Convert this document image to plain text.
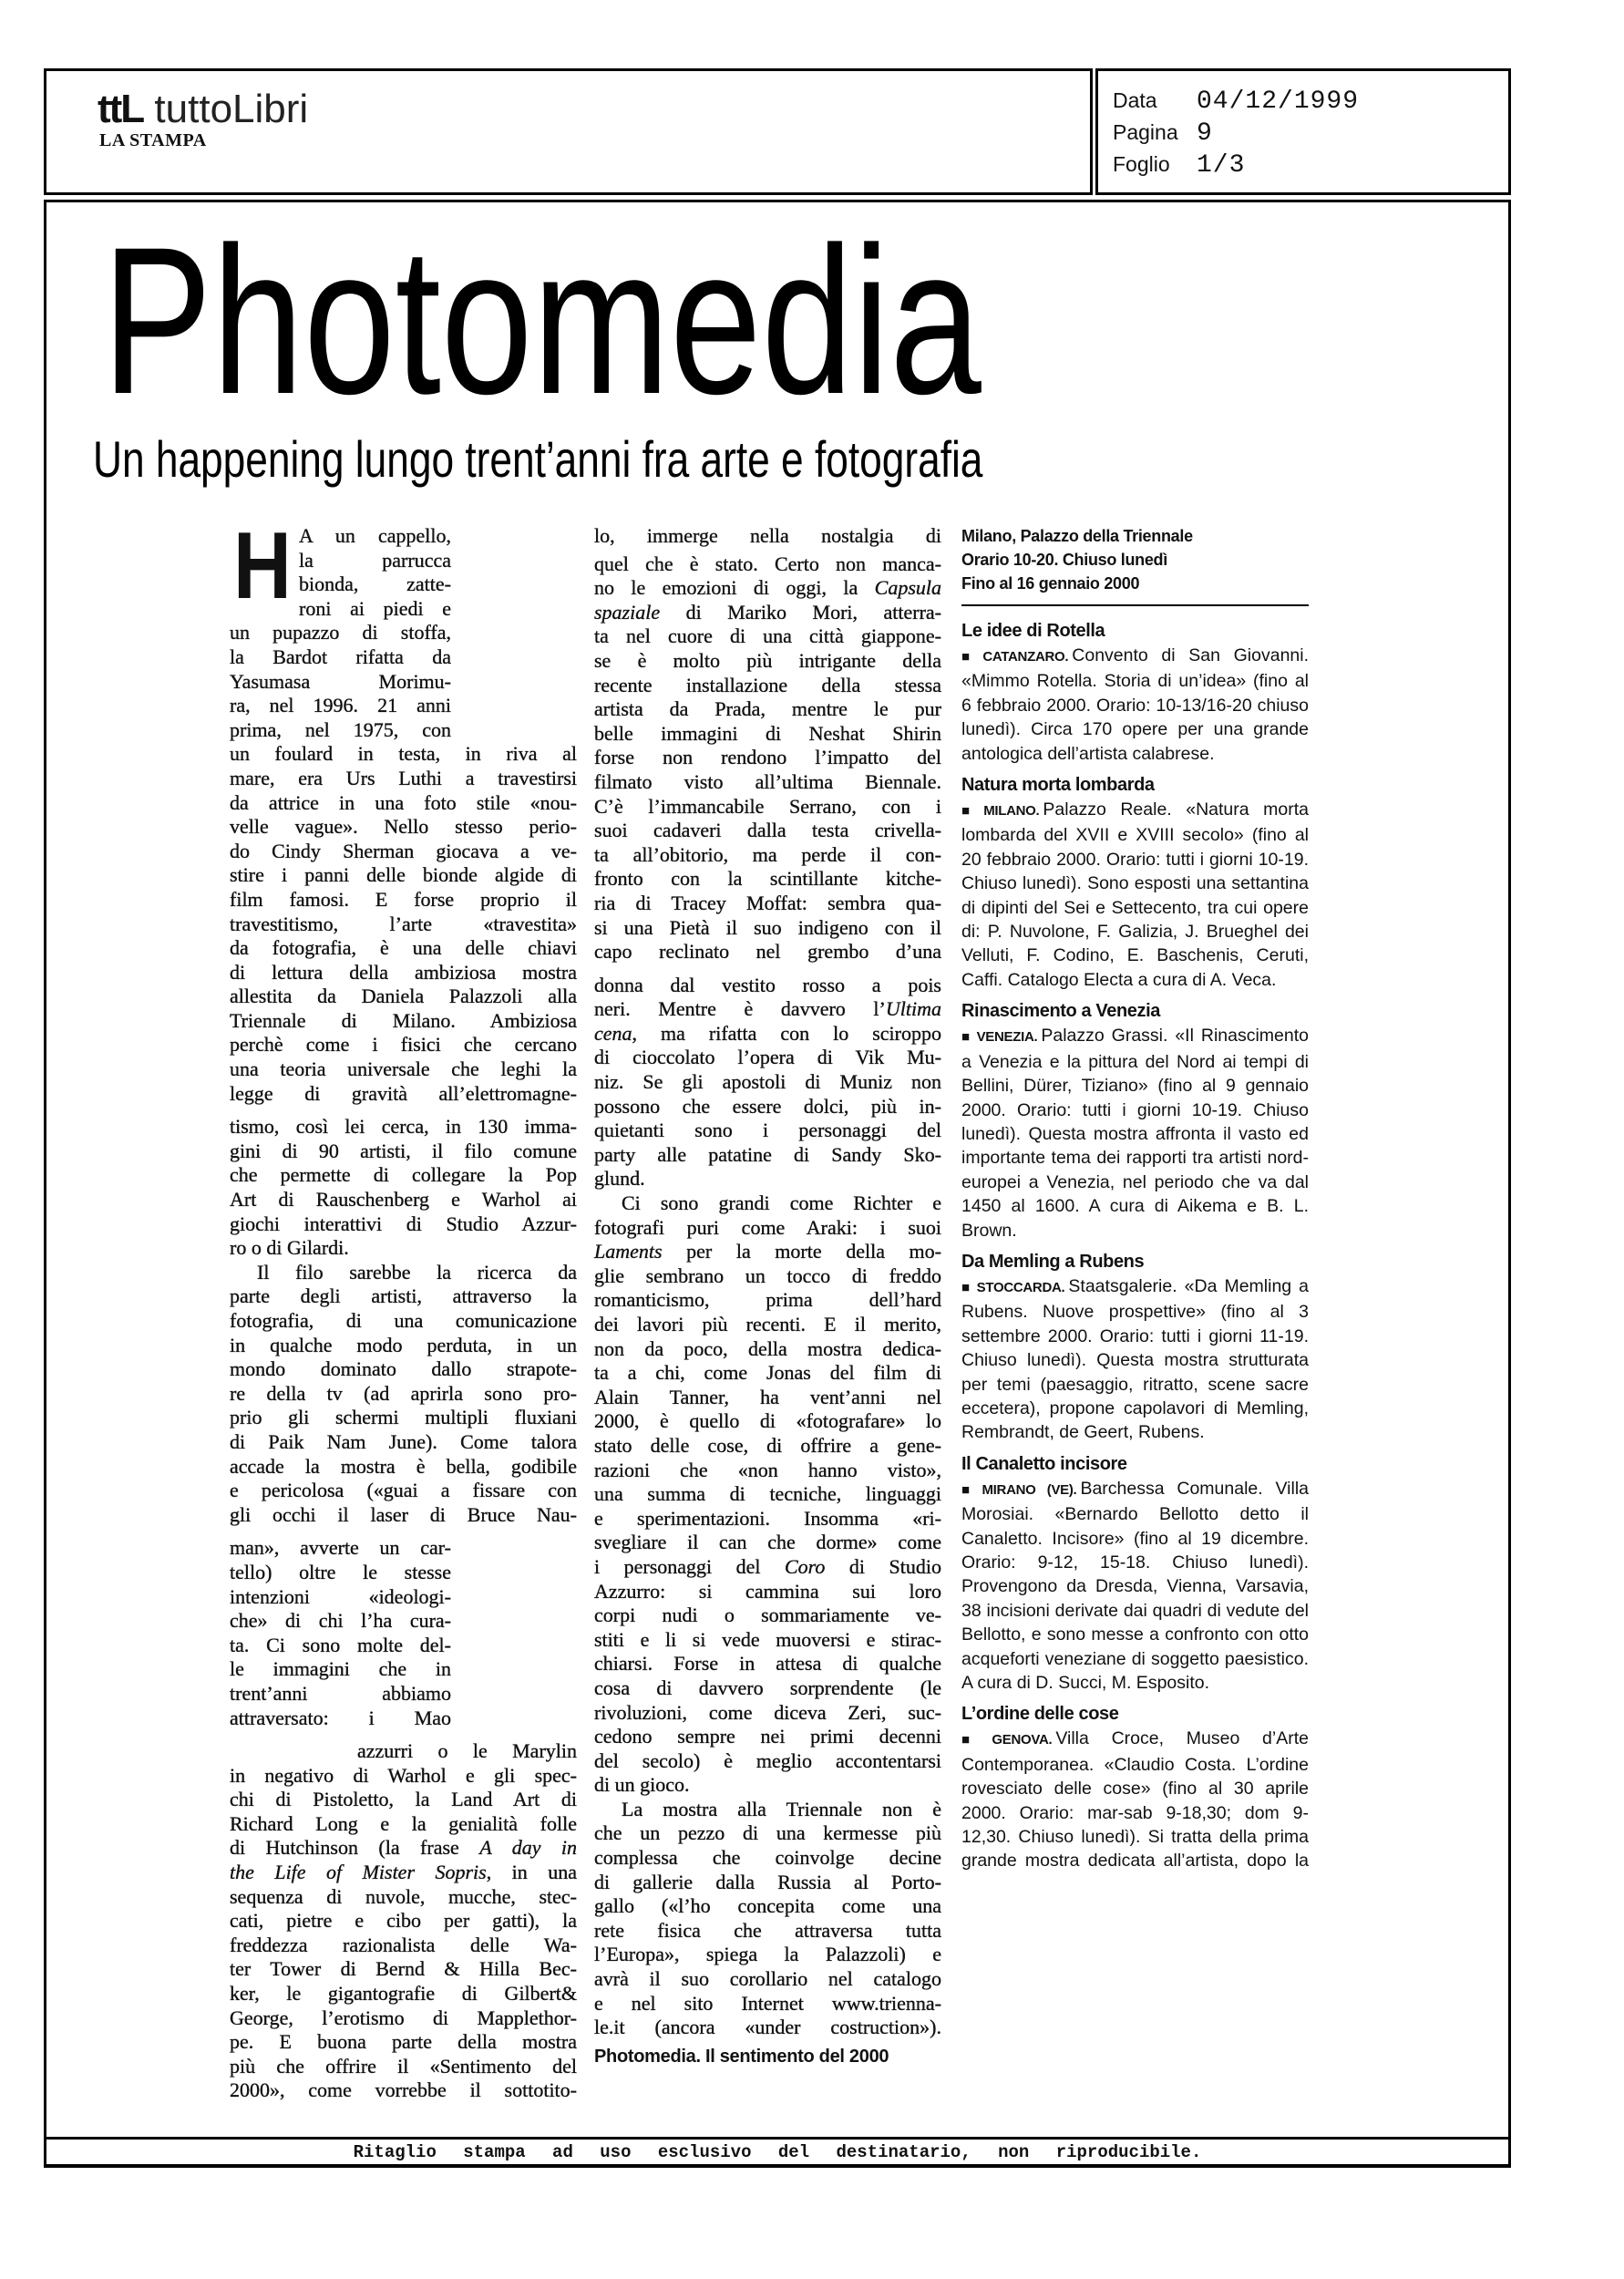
ttL tuttoLibri
LA STAMPA
Data 04/12/1999
Pagina 9
Foglio 1/3
Photomedia
Un happening lungo trent’anni fra arte e fotografia
H A un cappello,
la parrucca
bionda, zatte-
roni ai piedi e
un pupazzo di stoffa,
la Bardot rifatta da
Yasumasa Morimu-
ra, nel 1996. 21 anni
prima, nel 1975, con
un foulard in testa, in riva al
mare, era Urs Luthi a travestirsi
da attrice in una foto stile «nou-
velle vague». Nello stesso perio-
do Cindy Sherman giocava a ve-
stire i panni delle bionde algide di
film famosi. E forse proprio il
travestitismo, l’arte «travestita»
da fotografia, è una delle chiavi
di lettura della ambiziosa mostra
allestita da Daniela Palazzoli alla
Triennale di Milano. Ambiziosa
perchè come i fisici che cercano
una teoria universale che leghi la
legge di gravità all’elettromagne-
tismo, così lei cerca, in 130 imma-
gini di 90 artisti, il filo comune
che permette di collegare la Pop
Art di Rauschenberg e Warhol ai
giochi interattivi di Studio Azzur-
ro o di Gilardi.
Il filo sarebbe la ricerca da
parte degli artisti, attraverso la
fotografia, di una comunicazione
in qualche modo perduta, in un
mondo dominato dallo strapote-
re della tv (ad aprirla sono pro-
prio gli schermi multipli fluxiani
di Paik Nam June). Come talora
accade la mostra è bella, godibile
e pericolosa («guai a fissare con
gli occhi il laser di Bruce Nau-
man», avverte un car-
tello) oltre le stesse
intenzioni «ideologi-
che» di chi l’ha cura-
ta. Ci sono molte del-
le immagini che in
trent’anni abbiamo
attraversato: i Mao
azzurri o le Marylin
in negativo di Warhol e gli spec-
chi di Pistoletto, la Land Art di
Richard Long e la genialità folle
di Hutchinson (la frase A day in
the Life of Mister Sopris, in una
sequenza di nuvole, mucche, stec-
cati, pietre e cibo per gatti), la
freddezza razionalista delle Wa-
ter Tower di Bernd & Hilla Bec-
ker, le gigantografie di Gilbert&
George, l’erotismo di Mapplethor-
pe. E buona parte della mostra
più che offrire il «Sentimento del
2000», come vorrebbe il sottotito-
lo, immerge nella nostalgia di
quel che è stato. Certo non manca-
no le emozioni di oggi, la Capsula
spaziale di Mariko Mori, atterra-
ta nel cuore di una città giappone-
se è molto più intrigante della
recente installazione della stessa
artista da Prada, mentre le pur
belle immagini di Neshat Shirin
forse non rendono l’impatto del
filmato visto all’ultima Biennale.
C’è l’immancabile Serrano, con i
suoi cadaveri dalla testa crivella-
ta all’obitorio, ma perde il con-
fronto con la scintillante kitche-
ria di Tracey Moffat: sembra qua-
si una Pietà il suo indigeno con il
capo reclinato nel grembo d’una
donna dal vestito rosso a pois
neri. Mentre è davvero l’Ultima
cena, ma rifatta con lo sciroppo
di cioccolato l’opera di Vik Mu-
niz. Se gli apostoli di Muniz non
possono che essere dolci, più in-
quietanti sono i personaggi del
party alle patatine di Sandy Sko-
glund.
Ci sono grandi come Richter e
fotografi puri come Araki: i suoi
Laments per la morte della mo-
glie sembrano un tocco di freddo
romanticismo, prima dell’hard
dei lavori più recenti. E il merito,
non da poco, della mostra dedica-
ta a chi, come Jonas del film di
Alain Tanner, ha vent’anni nel
2000, è quello di «fotografare» lo
stato delle cose, di offrire a gene-
razioni che «non hanno visto»,
una summa di tecniche, linguaggi
e sperimentazioni. Insomma «ri-
svegliare il can che dorme» come
i personaggi del Coro di Studio
Azzurro: si cammina sui loro
corpi nudi o sommariamente ve-
stiti e li si vede muoversi e stirac-
chiarsi. Forse in attesa di qualche
cosa di davvero sorprendente (le
rivoluzioni, come diceva Zeri, suc-
cedono sempre nei primi decenni
del secolo) è meglio accontentarsi
di un gioco.
La mostra alla Triennale non è
che un pezzo di una kermesse più
complessa che coinvolge decine
di gallerie dalla Russia al Porto-
gallo («l’ho concepita come una
rete fisica che attraversa tutta
l’Europa», spiega la Palazzoli) e
avrà il suo corollario nel catalogo
e nel sito Internet www.trienna-
le.it (ancora «under costruction»).
Photomedia. Il sentimento del 2000
Milano, Palazzo della Triennale
Orario 10-20. Chiuso lunedì
Fino al 16 gennaio 2000
Le idee di Rotella
■ CATANZARO. Convento di San Giovanni. «Mimmo Rotella. Storia di un’idea» (fino al 6 febbraio 2000. Orario: 10-13/16-20 chiuso lunedì). Circa 170 opere per una grande antologica dell’artista calabrese.
Natura morta lombarda
■ MILANO. Palazzo Reale. «Natura morta lombarda del XVII e XVIII secolo» (fino al 20 febbraio 2000. Orario: tutti i giorni 10-19. Chiuso lunedì). Sono esposti una settantina di dipinti del Sei e Settecento, tra cui opere di: P. Nuvolone, F. Galizia, J. Brueghel dei Velluti, F. Codino, E. Baschenis, Ceruti, Caffi. Catalogo Electa a cura di A. Veca.
Rinascimento a Venezia
■ VENEZIA. Palazzo Grassi. «Il Rinascimento a Venezia e la pittura del Nord ai tempi di Bellini, Dürer, Tiziano» (fino al 9 gennaio 2000. Orario: tutti i giorni 10-19. Chiuso lunedì). Questa mostra affronta il vasto ed importante tema dei rapporti tra artisti nord-europei a Venezia, nel periodo che va dal 1450 al 1600. A cura di Aikema e B. L. Brown.
Da Memling a Rubens
■ STOCCARDA. Staatsgalerie. «Da Memling a Rubens. Nuove prospettive» (fino al 3 settembre 2000. Orario: tutti i giorni 11-19. Chiuso lunedì). Questa mostra strutturata per temi (paesaggio, ritratto, scene sacre eccetera), propone capolavori di Memling, Rembrandt, de Geert, Rubens.
Il Canaletto incisore
■ MIRANO (VE). Barchessa Comunale. Villa Morosiai. «Bernardo Bellotto detto il Canaletto. Incisore» (fino al 19 dicembre. Orario: 9-12, 15-18. Chiuso lunedì). Provengono da Dresda, Vienna, Varsavia, 38 incisioni derivate dai quadri di vedute del Bellotto, e sono messe a confronto con otto acqueforti veneziane di soggetto paesistico. A cura di D. Succi, M. Esposito.
L’ordine delle cose
■ GENOVA. Villa Croce, Museo d’Arte Contemporanea. «Claudio Costa. L’ordine rovesciato delle cose» (fino al 30 aprile 2000. Orario: mar-sab 9-18,30; dom 9-12,30. Chiuso lunedì). Si tratta della prima grande mostra dedicata all’artista, dopo la
Ritaglio stampa ad uso esclusivo del destinatario, non riproducibile.
